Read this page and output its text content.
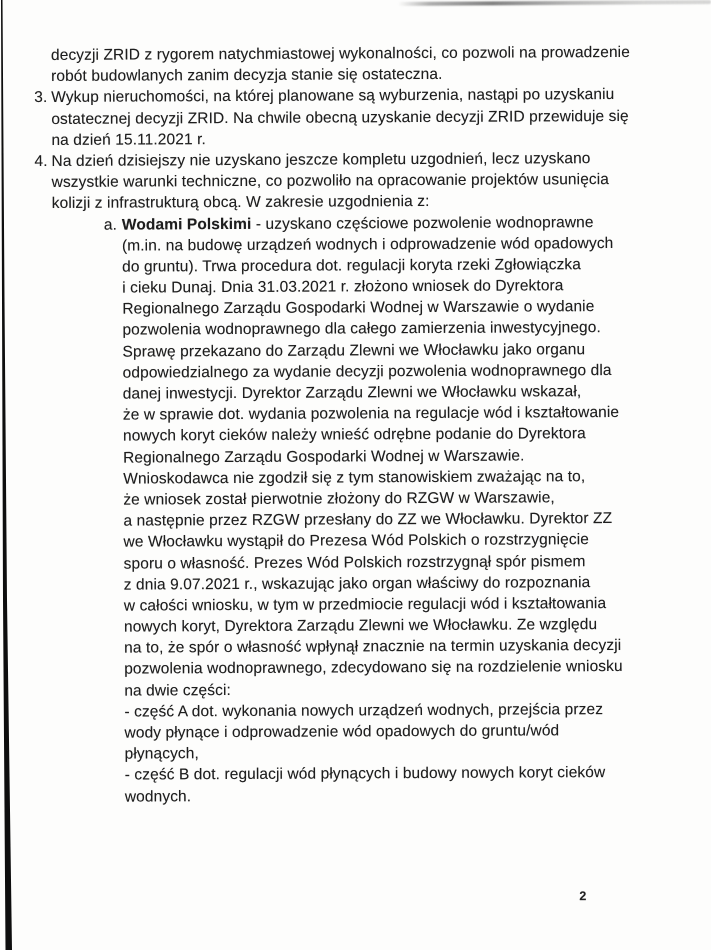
decyzji ZRID z rygorem natychmiastowej wykonalności, co pozwoli na prowadzenie
robót budowlanych zanim decyzja stanie się ostateczna.
3. Wykup nieruchomości, na której planowane są wyburzenia, nastąpi po uzyskaniu
ostatecznej decyzji ZRID. Na chwile obecną uzyskanie decyzji ZRID przewiduje się
na dzień 15.11.2021 r.
4. Na dzień dzisiejszy nie uzyskano jeszcze kompletu uzgodnień, lecz uzyskano
wszystkie warunki techniczne, co pozwoliło na opracowanie projektów usunięcia
kolizji z infrastrukturą obcą. W zakresie uzgodnienia z:
a. Wodami Polskimi - uzyskano częściowe pozwolenie wodnoprawne
(m.in. na budowę urządzeń wodnych i odprowadzenie wód opadowych
do gruntu). Trwa procedura dot. regulacji koryta rzeki Zgłowiączka
i cieku Dunaj. Dnia 31.03.2021 r. złożono wniosek do Dyrektora
Regionalnego Zarządu Gospodarki Wodnej w Warszawie o wydanie
pozwolenia wodnoprawnego dla całego zamierzenia inwestycyjnego.
Sprawę przekazano do Zarządu Zlewni we Włocławku jako organu
odpowiedzialnego za wydanie decyzji pozwolenia wodnoprawnego dla
danej inwestycji. Dyrektor Zarządu Zlewni we Włocławku wskazał,
że w sprawie dot. wydania pozwolenia na regulacje wód i kształtowanie
nowych koryt cieków należy wnieść odrębne podanie do Dyrektora
Regionalnego Zarządu Gospodarki Wodnej w Warszawie.
Wnioskodawca nie zgodził się z tym stanowiskiem zważając na to,
że wniosek został pierwotnie złożony do RZGW w Warszawie,
a następnie przez RZGW przesłany do ZZ we Włocławku. Dyrektor ZZ
we Włocławku wystąpił do Prezesa Wód Polskich o rozstrzygnięcie
sporu o własność. Prezes Wód Polskich rozstrzygnął spór pismem
z dnia 9.07.2021 r., wskazując jako organ właściwy do rozpoznania
w całości wniosku, w tym w przedmiocie regulacji wód i kształtowania
nowych koryt, Dyrektora Zarządu Zlewni we Włocławku. Ze względu
na to, że spór o własność wpłynął znacznie na termin uzyskania decyzji
pozwolenia wodnoprawnego, zdecydowano się na rozdzielenie wniosku
na dwie części:
- część A dot. wykonania nowych urządzeń wodnych, przejścia przez
wody płynące i odprowadzenie wód opadowych do gruntu/wód
płynących,
- część B dot. regulacji wód płynących i budowy nowych koryt cieków
wodnych.
2
